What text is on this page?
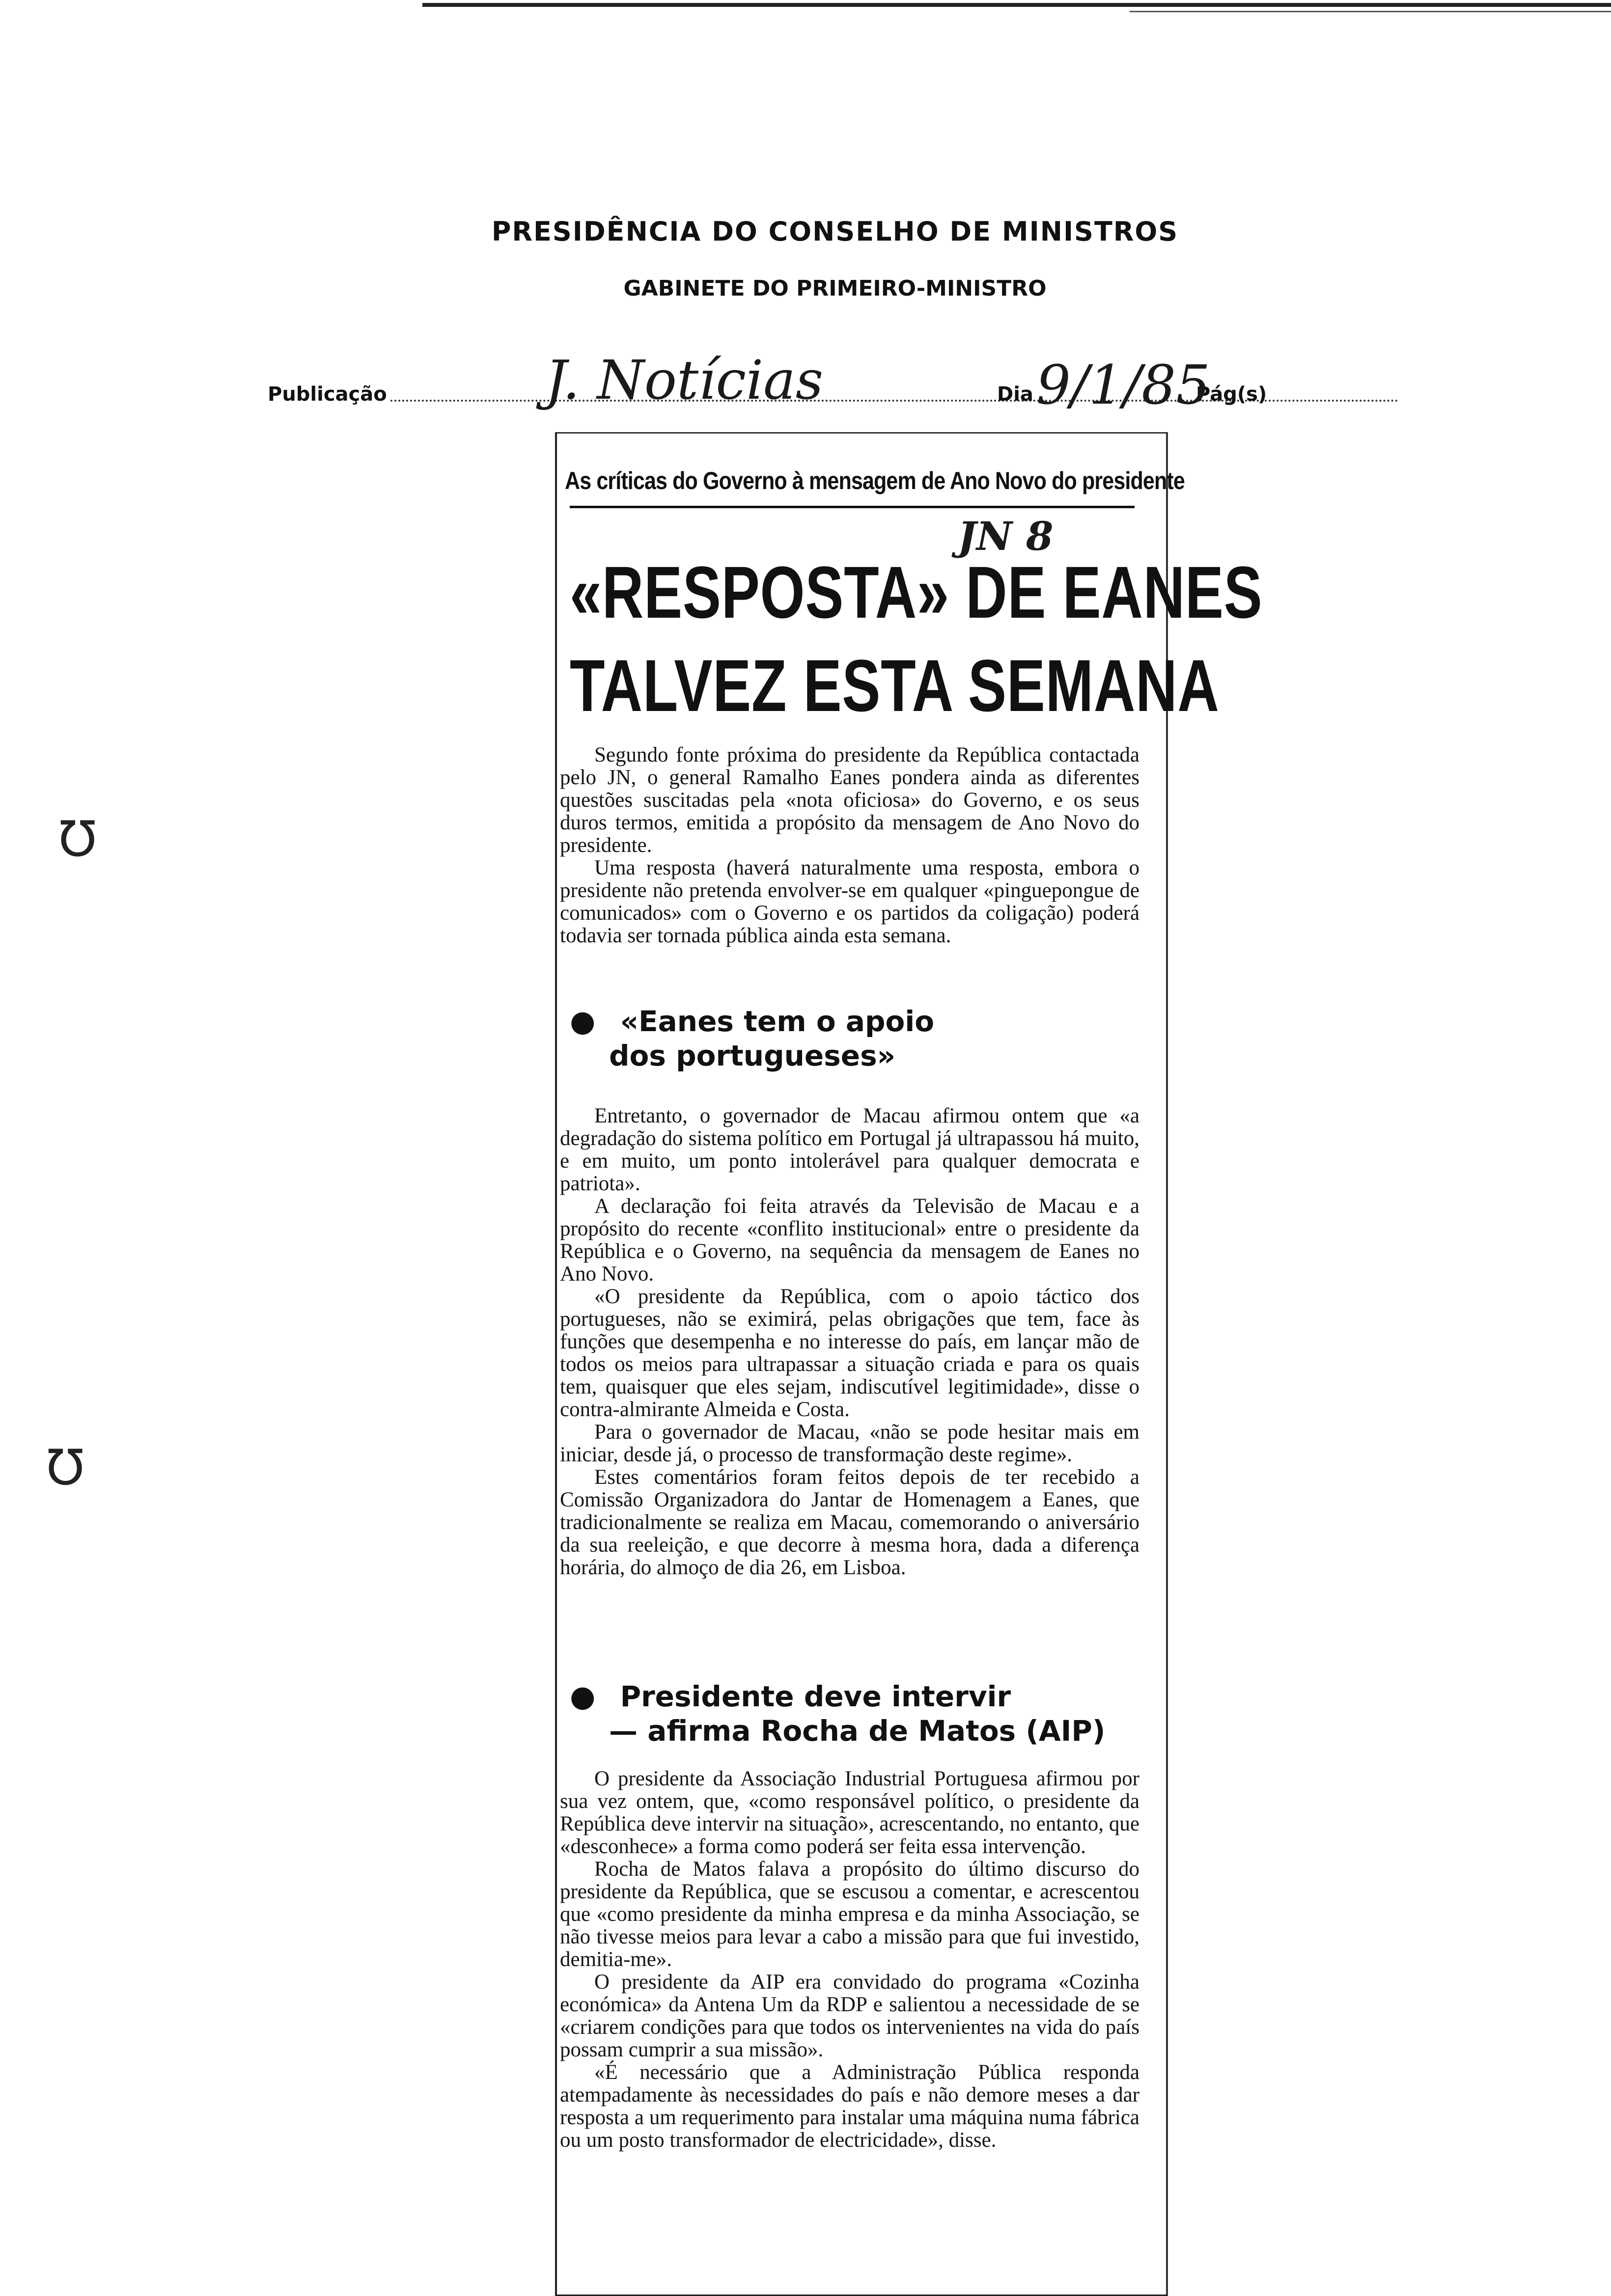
℧
℧
PRESIDÊNCIA DO CONSELHO DE MINISTROS
GABINETE DO PRIMEIRO-MINISTRO
Publicação	Dia	Pág(s)
J. Notícias	9/1/85
As críticas do Governo à mensagem de Ano Novo do presidente
JN 8
«RESPOSTA» DE EANES
TALVEZ ESTA SEMANA

Segundo fonte próxima do presidente da República contactada pelo JN, o general Ramalho Eanes pondera ainda as diferentes questões suscitadas pela «nota oficiosa» do Governo, e os seus duros termos, emitida a propósito da mensagem de Ano Novo do presidente.

Uma resposta (haverá naturalmente uma resposta, embora o presidente não pretenda envolver-se em qualquer «pinguepongue de comunicados» com o Governo e os partidos da coligação) poderá todavia ser tornada pública ainda esta semana.

● «Eanes tem o apoio
dos portugueses»

Entretanto, o governador de Macau afirmou ontem que «a degradação do sistema político em Portugal já ultrapassou há muito, e em muito, um ponto intolerável para qualquer democrata e patriota».

A declaração foi feita através da Televisão de Macau e a propósito do recente «conflito institucional» entre o presidente da República e o Governo, na sequência da mensagem de Eanes no Ano Novo.

«O presidente da República, com o apoio táctico dos portugueses, não se eximirá, pelas obrigações que tem, face às funções que desempenha e no interesse do país, em lançar mão de todos os meios para ultrapassar a situação criada e para os quais tem, quaisquer que eles sejam, indiscutível legitimidade», disse o contra-almirante Almeida e Costa.

Para o governador de Macau, «não se pode hesitar mais em iniciar, desde já, o processo de transformação deste regime».

Estes comentários foram feitos depois de ter recebido a Comissão Organizadora do Jantar de Homenagem a Eanes, que tradicionalmente se realiza em Macau, comemorando o aniversário da sua reeleição, e que decorre à mesma hora, dada a diferença horária, do almoço de dia 26, em Lisboa.

● Presidente deve intervir
— afirma Rocha de Matos (AIP)

O presidente da Associação Industrial Portuguesa afirmou por sua vez ontem, que, «como responsável político, o presidente da República deve intervir na situação», acrescentando, no entanto, que «desconhece» a forma como poderá ser feita essa intervenção.

Rocha de Matos falava a propósito do último discurso do presidente da República, que se escusou a comentar, e acrescentou que «como presidente da minha empresa e da minha Associação, se não tivesse meios para levar a cabo a missão para que fui investido, demitia-me».

O presidente da AIP era convidado do programa «Cozinha económica» da Antena Um da RDP e salientou a necessidade de se «criarem condições para que todos os intervenientes na vida do país possam cumprir a sua missão».

«É necessário que a Administração Pública responda atempadamente às necessidades do país e não demore meses a dar resposta a um requerimento para instalar uma máquina numa fábrica ou um posto transformador de electricidade», disse.
